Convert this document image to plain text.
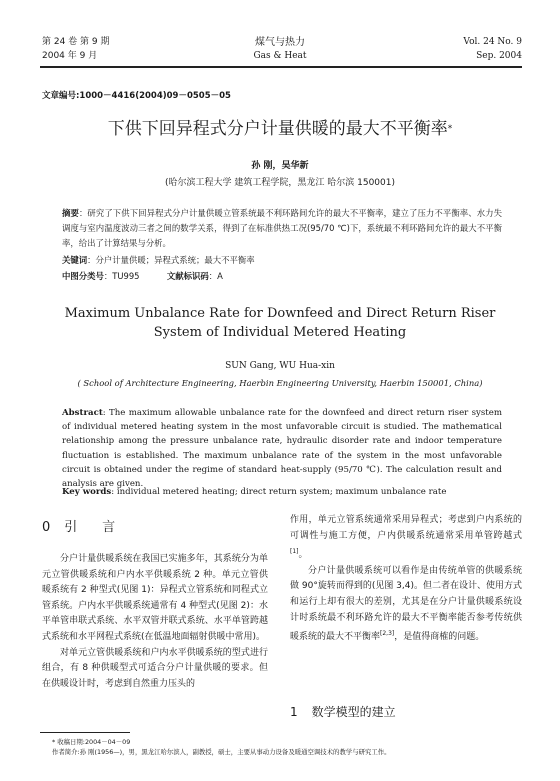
第 24 卷 第 9 期
2004 年 9 月
煤气与热力
Gas & Heat
Vol. 24 No. 9
Sep. 2004
文章编号:1000－4416(2004)09－0505－05
下供下回异程式分户计量供暖的最大不平衡率*
孙 刚，吴华新
(哈尔滨工程大学 建筑工程学院，黑龙江 哈尔滨 150001)
摘要：研究了下供下回异程式分户计量供暖立管系统最不利环路间允许的最大不平衡率，建立了压力不平衡率、水力失调度与室内温度波动三者之间的数学关系，得到了在标准供热工况(95/70 ℃)下，系统最不利环路间允许的最大不平衡率，给出了计算结果与分析。
关键词：分户计量供暖；异程式系统；最大不平衡率
中图分类号：TU995	文献标识码：A
Maximum Unbalance Rate for Downfeed and Direct Return Riser
System of Individual Metered Heating
SUN Gang, WU Hua-xin
( School of Architecture Engineering, Haerbin Engineering University, Haerbin 150001, China)
Abstract: The maximum allowable unbalance rate for the downfeed and direct return riser system of individual metered heating system in the most unfavorable circuit is studied. The mathematical relationship among the pressure unbalance rate, hydraulic disorder rate and indoor temperature fluctuation is established. The maximum unbalance rate of the system in the most unfavorable circuit is obtained under the regime of standard heat-supply (95/70 ℃). The calculation result and analysis are given.
Key words: individual metered heating; direct return system; maximum unbalance rate
0 引      言

分户计量供暖系统在我国已实施多年，其系统分为单元立管供暖系统和户内水平供暖系统 2 种。单元立管供暖系统有 2 种型式(见图 1)：异程式立管系统和同程式立管系统。户内水平供暖系统通常有 4 种型式(见图 2)：水平单管串联式系统、水平双管并联式系统、水平单管跨越式系统和水平网程式系统(在低温地面辐射供暖中常用)。

对单元立管供暖系统和户内水平供暖系统的型式进行组合，有 8 种供暖型式可适合分户计量供暖的要求。但在供暖设计时，考虑到自然重力压头的

作用，单元立管系统通常采用异程式；考虑到户内系统的可调性与施工方便，户内供暖系统通常采用单管跨越式[1]。

分户计量供暖系统可以看作是由传统单管的供暖系统做 90°旋转而得到的(见图 3,4)。但二者在设计、使用方式和运行上却有很大的差别，尤其是在分户计量供暖系统设计时系统最不利环路允许的最大不平衡率能否参考传统供暖系统的最大不平衡率[2,3]，是值得商榷的问题。

1 数学模型的建立
* 收稿日期:2004－04－09
作者简介:孙 刚(1956—)，男，黑龙江哈尔滨人，副教授，硕士，主要从事动力设备及暖通空调技术的教学与研究工作。
